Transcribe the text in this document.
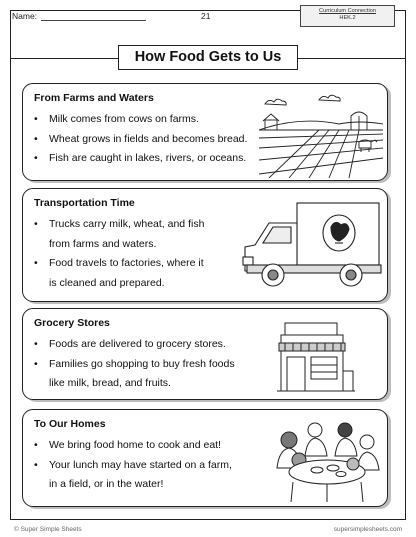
Name:	21	Curriculum Connection
HEK.2
How Food Gets to Us
From Farms and Waters
• Milk comes from cows on farms.
• Wheat grows in fields and becomes bread.
• Fish are caught in lakes, rivers, or oceans.
Transportation Time
• Trucks carry milk, wheat, and fish
from farms and waters.
• Food travels to factories, where it
is cleaned and prepared.
Grocery Stores
• Foods are delivered to grocery stores.
• Families go shopping to buy fresh foods
like milk, bread, and fruits.
To Our Homes
• We bring food home to cook and eat!
• Your lunch may have started on a farm,
in a field, or in the water!
© Super Simple Sheets	supersimplesheets.com
